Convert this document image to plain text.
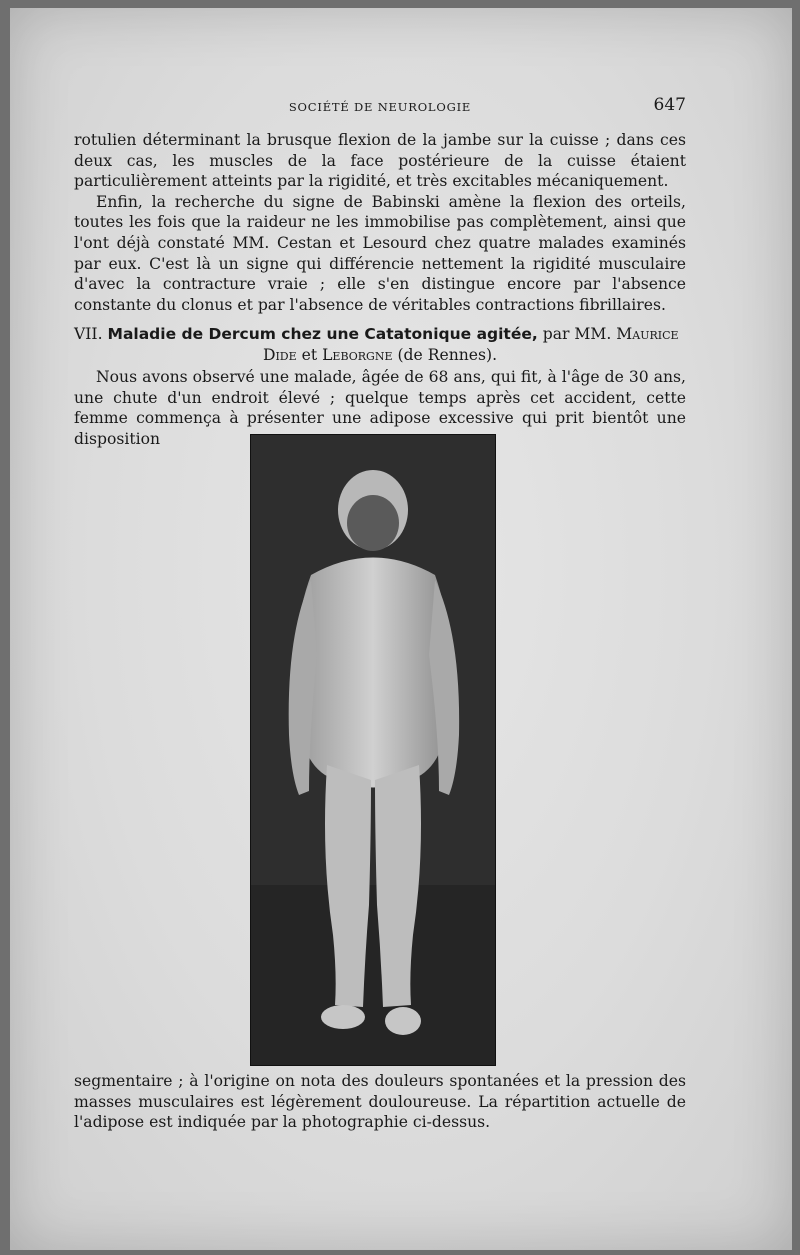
SOCIÉTÉ DE NEUROLOGIE	647

rotulien déterminant la brusque flexion de la jambe sur la cuisse ; dans ces deux cas, les muscles de la face postérieure de la cuisse étaient particulièrement atteints par la rigidité, et très excitables mécaniquement.

Enfin, la recherche du signe de Babinski amène la flexion des orteils, toutes les fois que la raideur ne les immobilise pas complètement, ainsi que l'ont déjà constaté MM. Cestan et Lesourd chez quatre malades examinés par eux. C'est là un signe qui différencie nettement la rigidité musculaire d'avec la contracture vraie ; elle s'en distingue encore par l'absence constante du clonus et par l'absence de véritables contractions fibrillaires.

VII. Maladie de Dercum chez une Catatonique agitée, par MM. Maurice
Dide et Leborgne (de Rennes).

Nous avons observé une malade, âgée de 68 ans, qui fit, à l'âge de 30 ans, une chute d'un endroit élevé ; quelque temps après cet accident, cette femme commença à présenter une adipose excessive qui prit bientôt une disposition

segmentaire ; à l'origine on nota des douleurs spontanées et la pression des masses musculaires est légèrement douloureuse. La répartition actuelle de l'adipose est indiquée par la photographie ci-dessus.
